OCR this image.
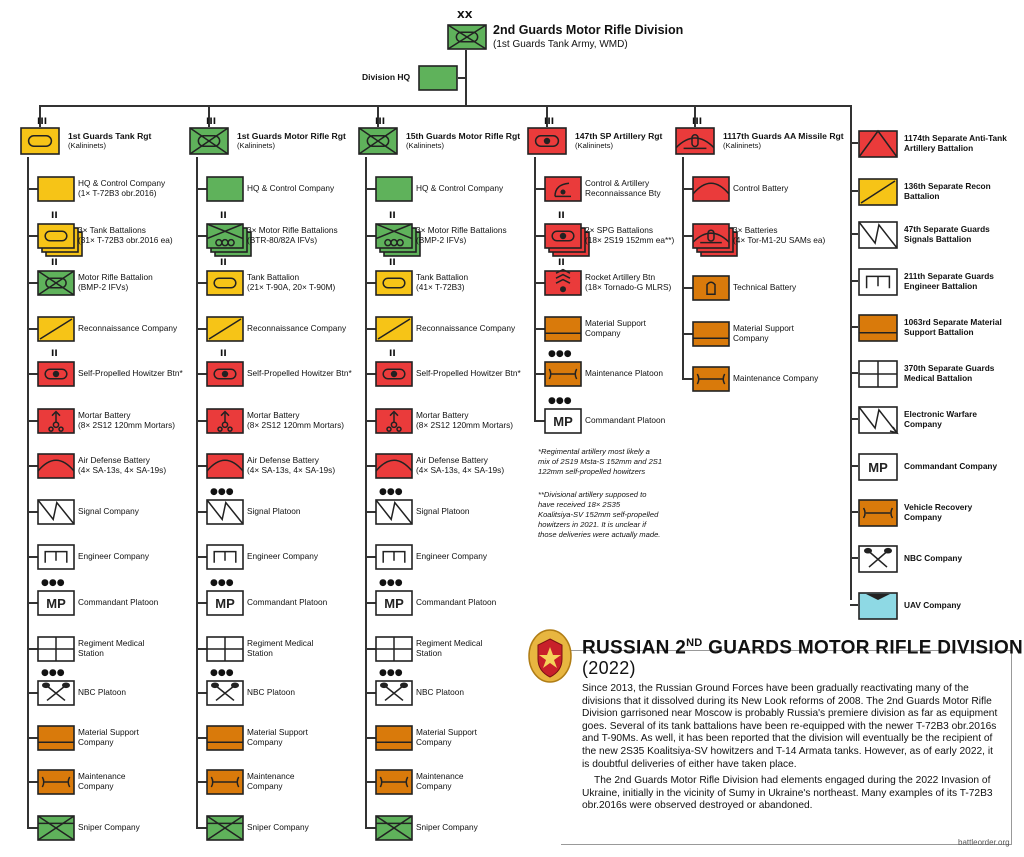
XX
2nd Guards Motor Rifle Division
(1st Guards Tank Army, WMD)
Division HQ
III
1st Guards Tank Rgt
(Kalininets)
HQ & Control Company
(1× T-72B3 obr.2016)
II
3× Tank Battalions
(31× T-72B3 obr.2016 ea)
II
Motor Rifle Battalion
(BMP-2 IFVs)
Reconnaissance Company
II
Self-Propelled Howitzer Btn*
Mortar Battery
(8× 2S12 120mm Mortars)
Air Defense Battery
(4× SA-13s, 4× SA-19s)
Signal Company
Engineer Company
MP
●●●
Commandant Platoon
Regiment Medical
Station
●●●
NBC Platoon
Material Support
Company
Maintenance
Company
Sniper Company
III
1st Guards Motor Rifle Rgt
(Kalininets)
HQ & Control Company
II
3× Motor Rifle Battalions
(BTR-80/82A IFVs)
II
Tank Battalion
(21× T-90A, 20× T-90M)
Reconnaissance Company
II
Self-Propelled Howitzer Btn*
Mortar Battery
(8× 2S12 120mm Mortars)
Air Defense Battery
(4× SA-13s, 4× SA-19s)
●●●
Signal Platoon
Engineer Company
MP
●●●
Commandant Platoon
Regiment Medical
Station
●●●
NBC Platoon
Material Support
Company
Maintenance
Company
Sniper Company
III
15th Guards Motor Rifle Rgt
(Kalininets)
HQ & Control Company
II
3× Motor Rifle Battalions
(BMP-2 IFVs)
II
Tank Battalion
(41× T-72B3)
Reconnaissance Company
II
Self-Propelled Howitzer Btn*
Mortar Battery
(8× 2S12 120mm Mortars)
Air Defense Battery
(4× SA-13s, 4× SA-19s)
●●●
Signal Platoon
Engineer Company
MP
●●●
Commandant Platoon
Regiment Medical
Station
●●●
NBC Platoon
Material Support
Company
Maintenance
Company
Sniper Company
III
147th SP Artillery Rgt
(Kalininets)
Control & Artillery
Reconnaissance Bty
II
2× SPG Battalions
(18× 2S19 152mm ea**)
II
Rocket Artillery Btn
(18× Tornado-G MLRS)
Material Support
Company
●●●
Maintenance Platoon
MP
●●●
Commandant Platoon
III
1117th Guards AA Missile Rgt
(Kalininets)
Control Battery
3× Batteries
(4× Tor-M1-2U SAMs ea)
Technical Battery
Material Support
Company
Maintenance Company
1174th Separate Anti-Tank
Artillery Battalion
136th Separate Recon
Battalion
47th Separate Guards
Signals Battalion
211th Separate Guards
Engineer Battalion
1063rd Separate Material
Support Battalion
370th Separate Guards
Medical Battalion
Electronic Warfare
Company
MP Commandant Company
Vehicle Recovery
Company
NBC Company
UAV Company
*Regimental artillery most likely a
mix of 2S19 Msta-S 152mm and 2S1
122mm self-propelled howitzers
**Divisional artillery supposed to
have received 18× 2S35
Koalitsiya-SV 152mm self-propelled
howitzers in 2021. It is unclear if
those deliveries were actually made.
RUSSIAN 2ND GUARDS MOTOR RIFLE DIVISION
(2022)

Since 2013, the Russian Ground Forces have been gradually reactivating many of the divisions that it dissolved during its New Look reforms of 2008. The 2nd Guards Motor Rifle Division garrisoned near Moscow is probably Russia's premiere division as far as equipment goes. Several of its tank battalions have been re-equipped with the newer T-72B3 obr.2016s and T-90Ms. As well, it has been reported that the division will eventually be the recipient of the new 2S35 Koalitsiya-SV howitzers and T-14 Armata tanks. However, as of early 2022, it is doubtful deliveries of either have taken place.

The 2nd Guards Motor Rifle Division had elements engaged during the 2022 Invasion of Ukraine, initially in the vicinity of Sumy in Ukraine's northeast. Many examples of its T-72B3 obr.2016s were observed destroyed or abandoned.

battleorder.org
